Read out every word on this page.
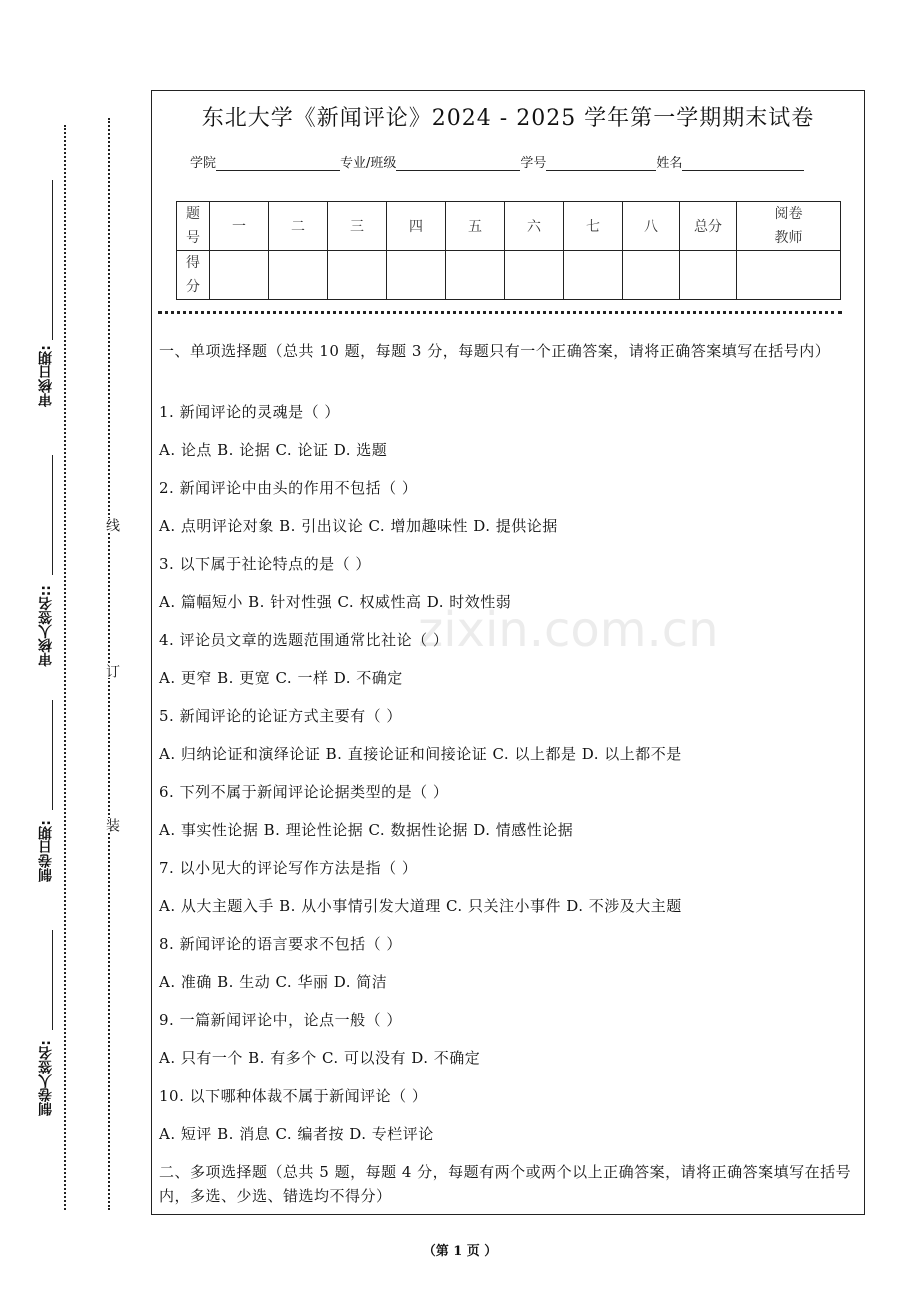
审核日期:
审核人签名::
制卷日期:
制卷人签名:
线
订
装
东北大学《新闻评论》2024 - 2025 学年第一学期期末试卷
学院	专业/班级	学号	姓名
题号	一	二	三	四	五	六	七	八	总分	阅卷教师

得分										

zixin.com.cn
一、单项选择题（总共 10 题，每题 3 分，每题只有一个正确答案，请将正确答案填写在括号内）
1. 新闻评论的灵魂是（ ）
A. 论点 B. 论据 C. 论证 D. 选题
2. 新闻评论中由头的作用不包括（ ）
A. 点明评论对象 B. 引出议论 C. 增加趣味性 D. 提供论据
3. 以下属于社论特点的是（ ）
A. 篇幅短小 B. 针对性强 C. 权威性高 D. 时效性弱
4. 评论员文章的选题范围通常比社论（ ）
A. 更窄 B. 更宽 C. 一样 D. 不确定
5. 新闻评论的论证方式主要有（ ）
A. 归纳论证和演绎论证 B. 直接论证和间接论证 C. 以上都是 D. 以上都不是
6. 下列不属于新闻评论论据类型的是（ ）
A. 事实性论据 B. 理论性论据 C. 数据性论据 D. 情感性论据
7. 以小见大的评论写作方法是指（ ）
A. 从大主题入手 B. 从小事情引发大道理 C. 只关注小事件 D. 不涉及大主题
8. 新闻评论的语言要求不包括（ ）
A. 准确 B. 生动 C. 华丽 D. 简洁
9. 一篇新闻评论中，论点一般（ ）
A. 只有一个 B. 有多个 C. 可以没有 D. 不确定
10. 以下哪种体裁不属于新闻评论（ ）
A. 短评 B. 消息 C. 编者按 D. 专栏评论
二、多项选择题（总共 5 题，每题 4 分，每题有两个或两个以上正确答案，请将正确答案填写在括号内，多选、少选、错选均不得分）
（第 1 页 ）
